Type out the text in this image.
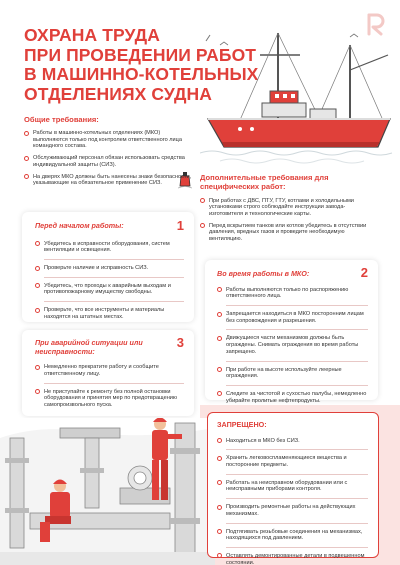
ОХРАНА ТРУДА
ПРИ ПРОВЕДЕНИИ РАБОТ
В МАШИННО-КОТЕЛЬНЫХ
ОТДЕЛЕНИЯХ СУДНА
Общие требования:
Работы в машинно-котельных отделениях (МКО) выполняются только под контролем ответственного лица командного состава.
Обслуживающий персонал обязан использовать средства индивидуальной защиты (СИЗ).
На дверях МКО должны быть нанесены знаки безопасности, указывающие на обязательное применение СИЗ.
Дополнительные требования для специфических работ:
При работах с ДВС, ПТУ, ГТУ, котлами и холодильными установками строго соблюдайте инструкции завода-изготовителя и технологические карты.
Перед вскрытием танков или котлов убедитесь в отсутствии давления, вредных газов и проведите необходимую вентиляцию.
Перед началом работы:	1
Убедитесь в исправности оборудования, систем вентиляции и освещения.
Проверьте наличие и исправность СИЗ.
Убедитесь, что проходы к аварийным выходам и противопожарному имуществу свободны.
Проверьте, что все инструменты и материалы находятся на штатных местах.
Во время работы в МКО:	2
Работы выполняются только по распоряжению ответственного лица.
Запрещается находиться в МКО посторонним лицам без сопровождения и разрешения.
Движущиеся части механизмов должны быть ограждены. Снимать ограждения во время работы запрещено.
При работе на высоте используйте леерные ограждения.
Следите за чистотой и сухостью палубы, немедленно убирайте пролитые нефтепродукты.
При аварийной ситуации или неисправности:
3
Немедленно прекратите работу и сообщите ответственному лицу.
Не приступайте к ремонту без полной остановки оборудования и принятия мер по предотвращению самопроизвольного пуска.
ЗАПРЕЩЕНО:
Находиться в МКО без СИЗ.
Хранить легковоспламеняющиеся вещества и посторонние предметы.
Работать на неисправном оборудовании или с неисправными приборами контроля.
Производить ремонтные работы на действующих механизмах.
Подтягивать резьбовые соединения на механизмах, находящихся под давлением.
Оставлять демонтированные детали в подвешенном состоянии.
